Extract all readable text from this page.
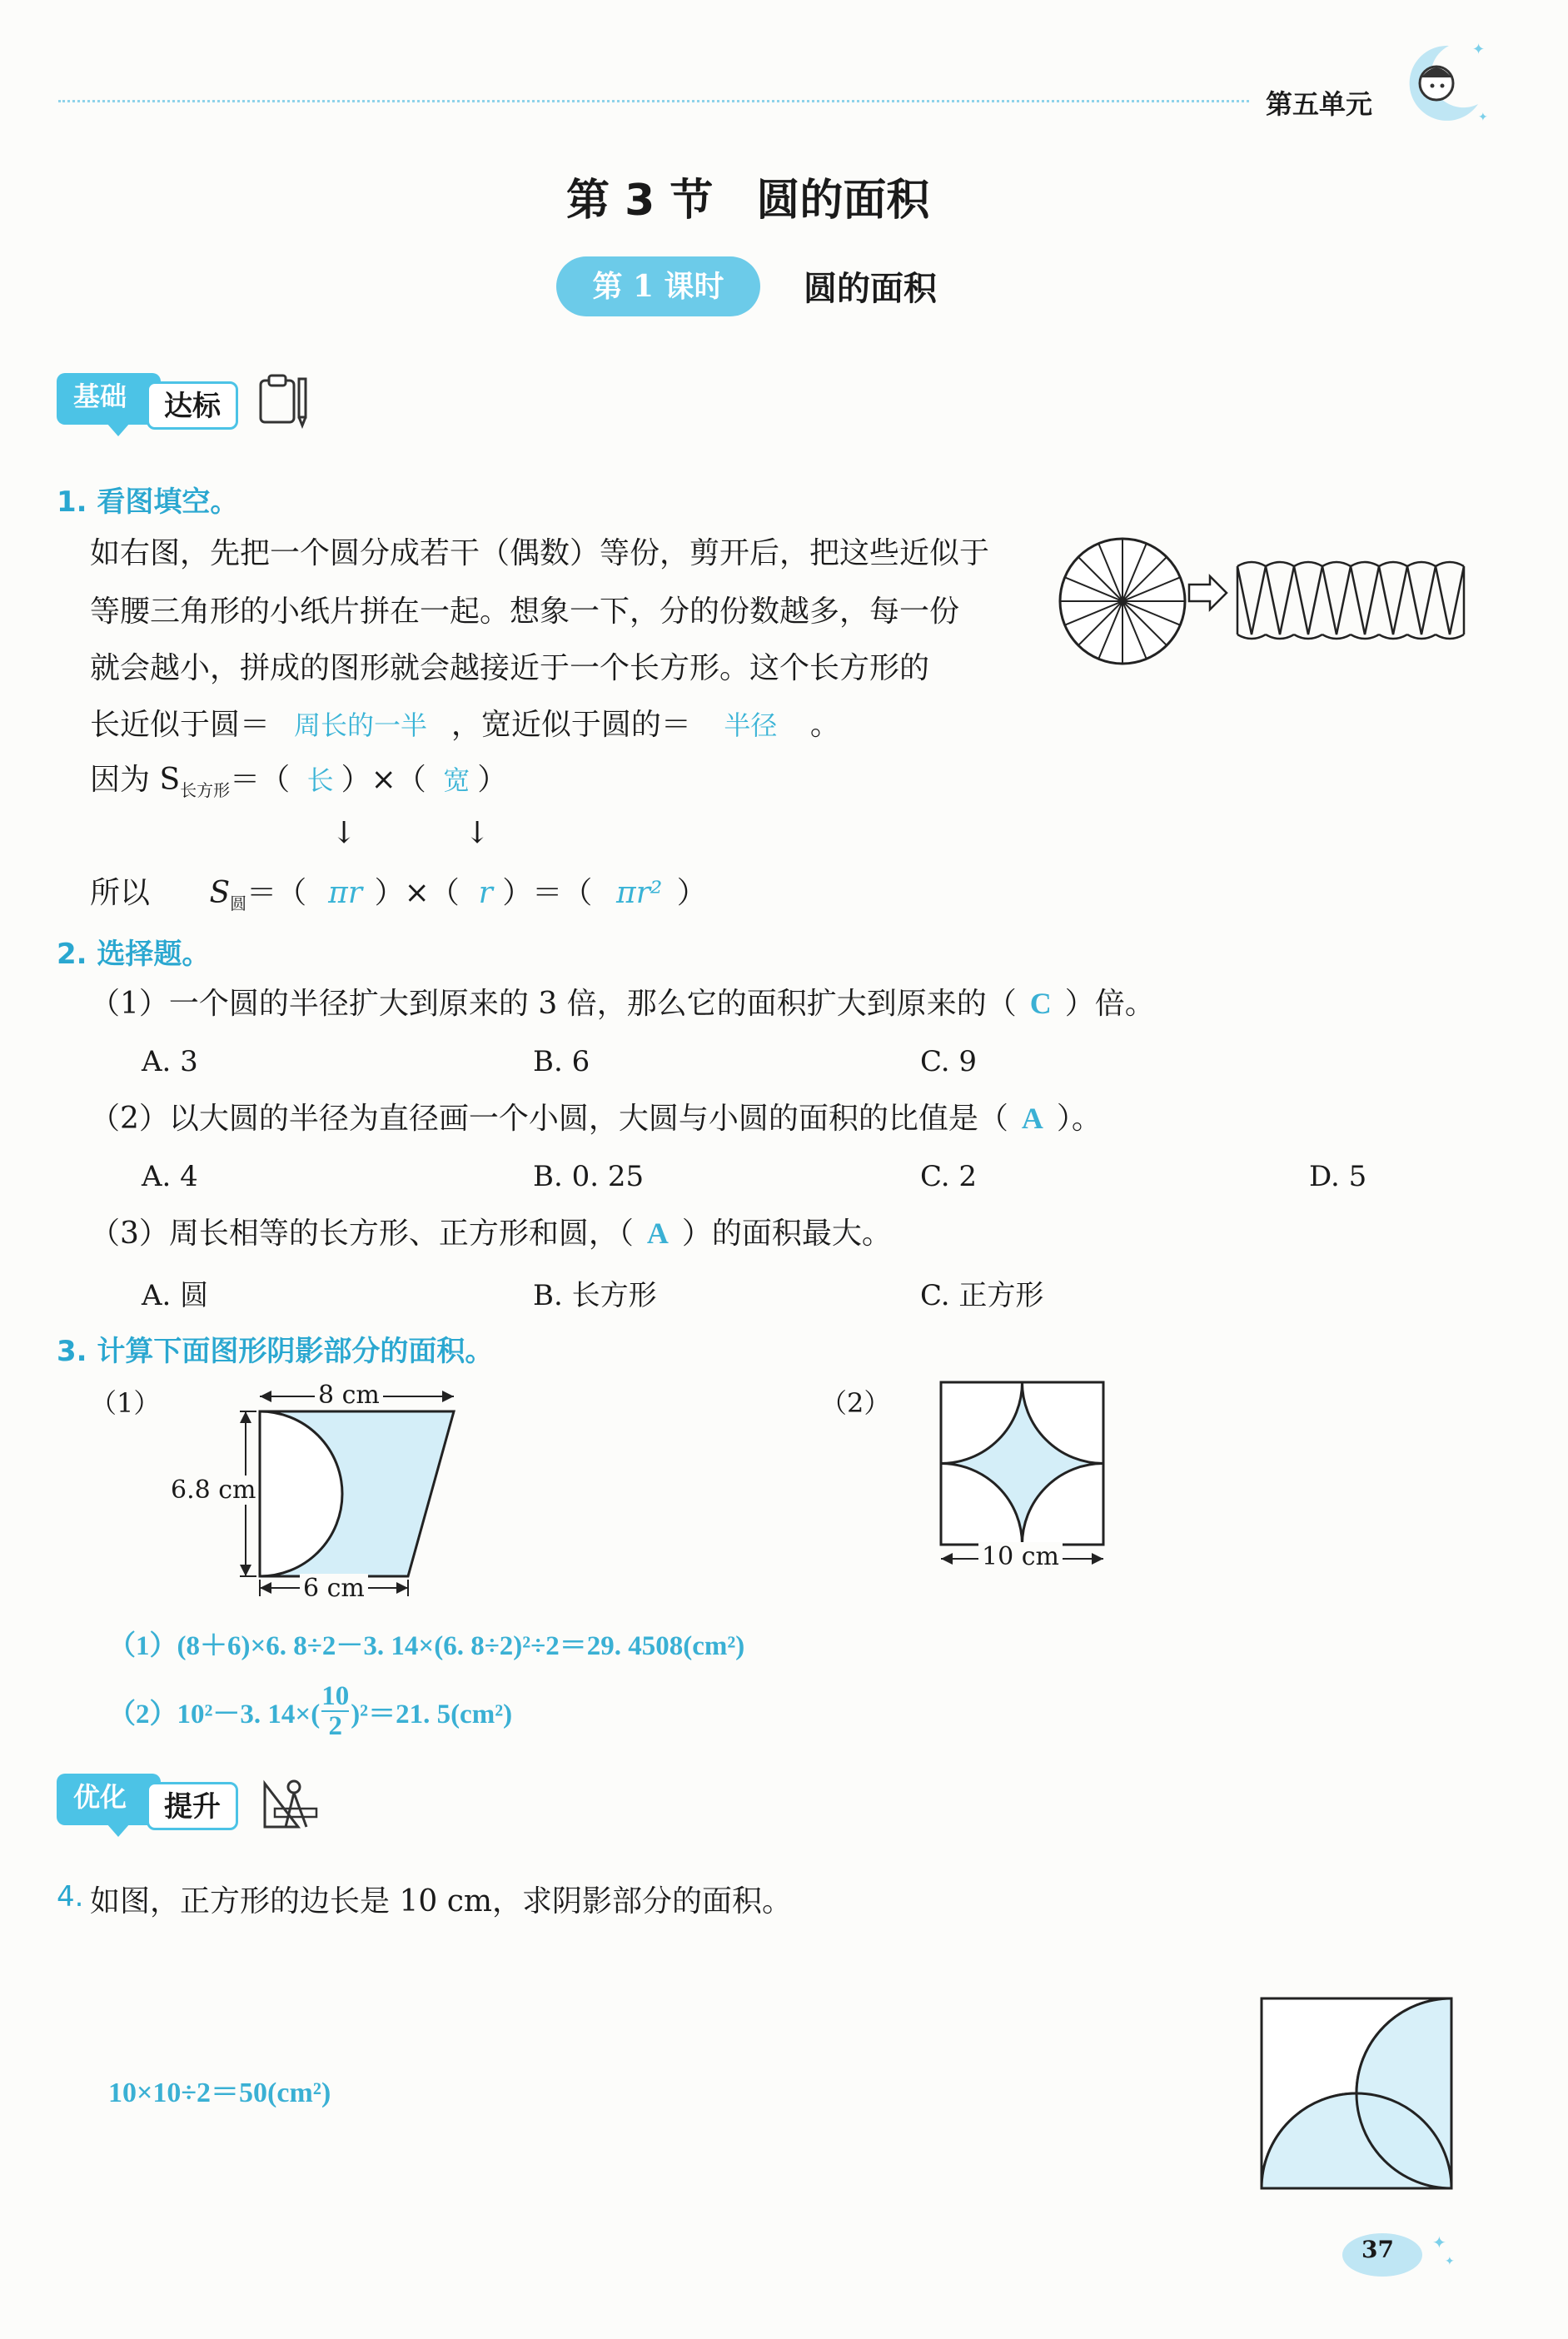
第五单元
✦
✦
第 3 节　圆的面积
第 1 课时	圆的面积
基础	达标
1. 看图填空。
如右图，先把一个圆分成若干（偶数）等份，剪开后，把这些近似于
等腰三角形的小纸片拼在一起。想象一下，分的份数越多，每一份
就会越小，拼成的图形就会越接近于一个长方形。这个长方形的
长近似于圆＝ 周长的一半 ，宽近似于圆的＝ 半径 。
因为 $S_{长方形}=$（ 长 ）×（ 宽 ）
↓	↓
所以 $S_圆=$（ πr ）×（ r ）＝（ πr² ）
2. 选择题。
（1）一个圆的半径扩大到原来的 3 倍，那么它的面积扩大到原来的（ C ）倍。
A. 3	B. 6	C. 9
（2）以大圆的半径为直径画一个小圆，大圆与小圆的面积的比值是（ A ）。
A. 4	B. 0. 25	C. 2	D. 5
（3）周长相等的长方形、正方形和圆，（ A ）的面积最大。
A. 圆	B. 长方形	C. 正方形
3. 计算下面图形阴影部分的面积。
（1）	（2）
8 cm
6.8 cm
6 cm
10 cm
（1）(8＋6)×6. 8÷2－3. 14×(6. 8÷2)²÷2＝29. 4508(cm²)
（2）10²－3. $14\times( \frac{10}{2} )^2=21$. 5(cm²)
优化	提升
4. 如图，正方形的边长是 10 cm，求阴影部分的面积。
10×10÷2＝50(cm²)
✦
✦
37
